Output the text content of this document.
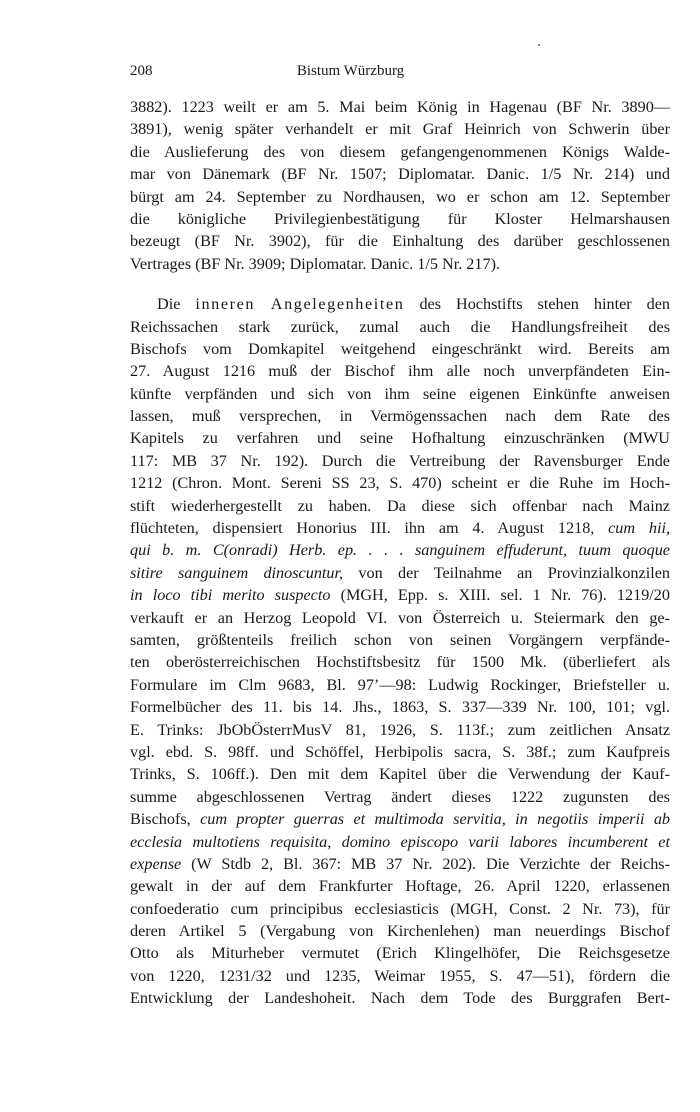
208	Bistum Würzburg
3882). 1223 weilt er am 5. Mai beim König in Hagenau (BF Nr. 3890—
3891), wenig später verhandelt er mit Graf Heinrich von Schwerin über
die Auslieferung des von diesem gefangengenommenen Königs Walde-
mar von Dänemark (BF Nr. 1507; Diplomatar. Danic. 1/5 Nr. 214) und
bürgt am 24. September zu Nordhausen, wo er schon am 12. September
die königliche Privilegienbestätigung für Kloster Helmarshausen
bezeugt (BF Nr. 3902), für die Einhaltung des darüber geschlossenen
Vertrages (BF Nr. 3909; Diplomatar. Danic. 1/5 Nr. 217).
Die inneren Angelegenheiten des Hochstifts stehen hinter den
Reichssachen stark zurück, zumal auch die Handlungsfreiheit des
Bischofs vom Domkapitel weitgehend eingeschränkt wird. Bereits am
27. August 1216 muß der Bischof ihm alle noch unverpfändeten Ein-
künfte verpfänden und sich von ihm seine eigenen Einkünfte anweisen
lassen, muß versprechen, in Vermögenssachen nach dem Rate des
Kapitels zu verfahren und seine Hofhaltung einzuschränken (MWU
117: MB 37 Nr. 192). Durch die Vertreibung der Ravensburger Ende
1212 (Chron. Mont. Sereni SS 23, S. 470) scheint er die Ruhe im Hoch-
stift wiederhergestellt zu haben. Da diese sich offenbar nach Mainz
flüchteten, dispensiert Honorius III. ihn am 4. August 1218, cum hii,
qui b. m. C(onradi) Herb. ep. . . . sanguinem effuderunt, tuum quoque
sitire sanguinem dinoscuntur, von der Teilnahme an Provinzialkonzilen
in loco tibi merito suspecto (MGH, Epp. s. XIII. sel. 1 Nr. 76). 1219/20
verkauft er an Herzog Leopold VI. von Österreich u. Steiermark den ge-
samten, größtenteils freilich schon von seinen Vorgängern verpfände-
ten oberösterreichischen Hochstiftsbesitz für 1500 Mk. (überliefert als
Formulare im Clm 9683, Bl. 97’—98: Ludwig Rockinger, Briefsteller u.
Formelbücher des 11. bis 14. Jhs., 1863, S. 337—339 Nr. 100, 101; vgl.
E. Trinks: JbObÖsterrMusV 81, 1926, S. 113f.; zum zeitlichen Ansatz
vgl. ebd. S. 98ff. und Schöffel, Herbipolis sacra, S. 38f.; zum Kaufpreis
Trinks, S. 106ff.). Den mit dem Kapitel über die Verwendung der Kauf-
summe abgeschlossenen Vertrag ändert dieses 1222 zugunsten des
Bischofs, cum propter guerras et multimoda servitia, in negotiis imperii ab
ecclesia multotiens requisita, domino episcopo varii labores incumberent et
expense (W Stdb 2, Bl. 367: MB 37 Nr. 202). Die Verzichte der Reichs-
gewalt in der auf dem Frankfurter Hoftage, 26. April 1220, erlassenen
confoederatio cum principibus ecclesiasticis (MGH, Const. 2 Nr. 73), für
deren Artikel 5 (Vergabung von Kirchenlehen) man neuerdings Bischof
Otto als Miturheber vermutet (Erich Klingelhöfer, Die Reichsgesetze
von 1220, 1231/32 und 1235, Weimar 1955, S. 47—51), fördern die
Entwicklung der Landeshoheit. Nach dem Tode des Burggrafen Bert-
